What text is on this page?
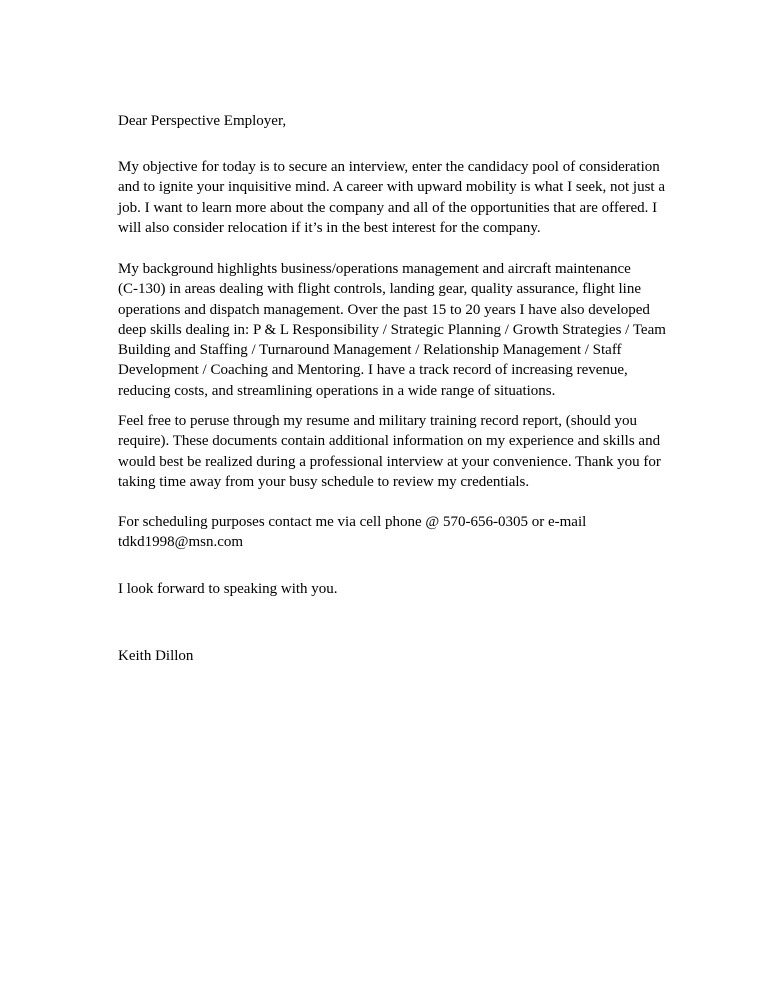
Dear Perspective Employer,
My objective for today is to secure an interview, enter the candidacy pool of consideration
and to ignite your inquisitive mind. A career with upward mobility is what I seek, not just a
job. I want to learn more about the company and all of the opportunities that are offered. I
will also consider relocation if it’s in the best interest for the company.
My background highlights business/operations management and aircraft maintenance
(C-130) in areas dealing with flight controls, landing gear, quality assurance, flight line
operations and dispatch management. Over the past 15 to 20 years I have also developed
deep skills dealing in: P & L Responsibility / Strategic Planning / Growth Strategies / Team
Building and Staffing / Turnaround Management / Relationship Management / Staff
Development / Coaching and Mentoring. I have a track record of increasing revenue,
reducing costs, and streamlining operations in a wide range of situations.
Feel free to peruse through my resume and military training record report, (should you
require). These documents contain additional information on my experience and skills and
would best be realized during a professional interview at your convenience. Thank you for
taking time away from your busy schedule to review my credentials.
For scheduling purposes contact me via cell phone @ 570-656-0305 or e-mail
tdkd1998@msn.com
I look forward to speaking with you.
Keith Dillon
